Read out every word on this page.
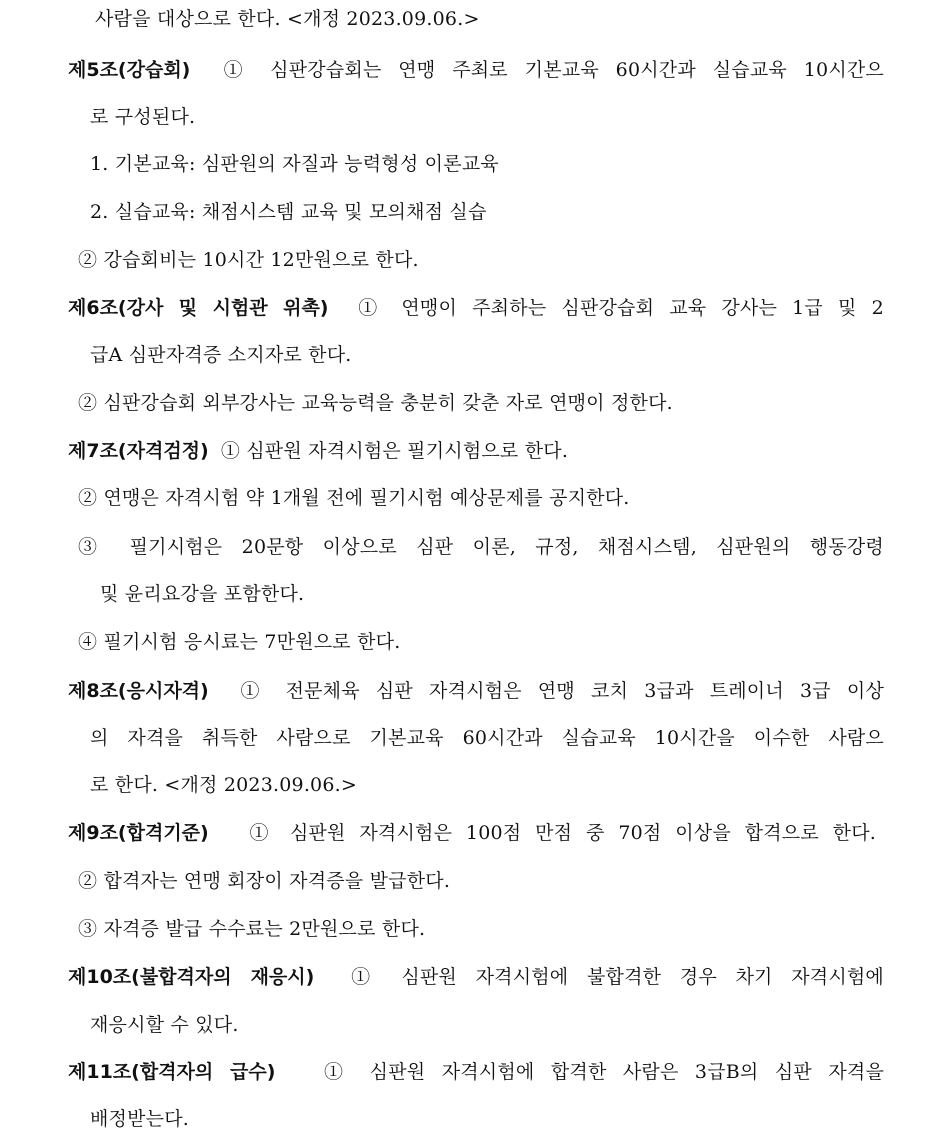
사람을 대상으로 한다. <개정 2023.09.06.>
제5조(강습회) ① 심판강습회는 연맹 주최로 기본교육 60시간과 실습교육 10시간으
로 구성된다.
1. 기본교육: 심판원의 자질과 능력형성 이론교육
2. 실습교육: 채점시스템 교육 및 모의채점 실습
② 강습회비는 10시간 12만원으로 한다.
제6조(강사 및 시험관 위촉) ① 연맹이 주최하는 심판강습회 교육 강사는 1급 및 2
급A 심판자격증 소지자로 한다.
② 심판강습회 외부강사는 교육능력을 충분히 갖춘 자로 연맹이 정한다.
제7조(자격검정) ① 심판원 자격시험은 필기시험으로 한다.
② 연맹은 자격시험 약 1개월 전에 필기시험 예상문제를 공지한다.
③ 필기시험은 20문항 이상으로 심판 이론, 규정, 채점시스템, 심판원의 행동강령
및 윤리요강을 포함한다.
④ 필기시험 응시료는 7만원으로 한다.
제8조(응시자격) ① 전문체육 심판 자격시험은 연맹 코치 3급과 트레이너 3급 이상
의 자격을 취득한 사람으로 기본교육 60시간과 실습교육 10시간을 이수한 사람으
로 한다. <개정 2023.09.06.>
제9조(합격기준) ① 심판원 자격시험은 100점 만점 중 70점 이상을 합격으로 한다.
② 합격자는 연맹 회장이 자격증을 발급한다.
③ 자격증 발급 수수료는 2만원으로 한다.
제10조(불합격자의 재응시) ① 심판원 자격시험에 불합격한 경우 차기 자격시험에
재응시할 수 있다.
제11조(합격자의 급수)	① 심판원 자격시험에 합격한 사람은 3급B의 심판 자격을
배정받는다.
